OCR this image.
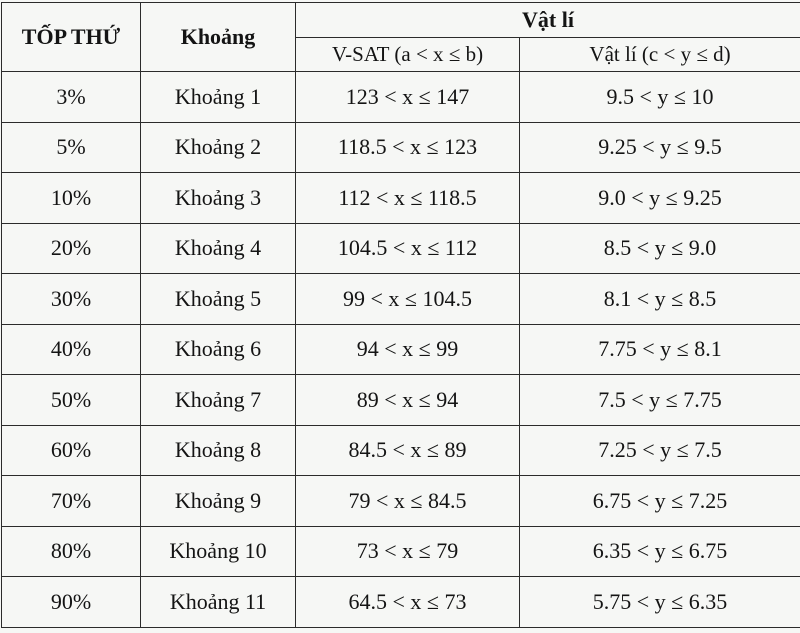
TỐP THỨ	Khoảng	Vật lí	
		V-SAT (a < x ≤ b)	Vật lí (c < y ≤ d)
3%	Khoảng 1	123 < x ≤ 147	9.5 < y ≤ 10
5%	Khoảng 2	118.5 < x ≤ 123	9.25 < y ≤ 9.5
10%	Khoảng 3	112 < x ≤ 118.5	9.0 < y ≤ 9.25
20%	Khoảng 4	104.5 < x ≤ 112	8.5 < y ≤ 9.0
30%	Khoảng 5	99 < x ≤ 104.5	8.1 < y ≤ 8.5
40%	Khoảng 6	94 < x ≤ 99	7.75 < y ≤ 8.1
50%	Khoảng 7	89 < x ≤ 94	7.5 < y ≤ 7.75
60%	Khoảng 8	84.5 < x ≤ 89	7.25 < y ≤ 7.5
70%	Khoảng 9	79 < x ≤ 84.5	6.75 < y ≤ 7.25
80%	Khoảng 10	73 < x ≤ 79	6.35 < y ≤ 6.75
90%	Khoảng 11	64.5 < x ≤ 73	5.75 < y ≤ 6.35
